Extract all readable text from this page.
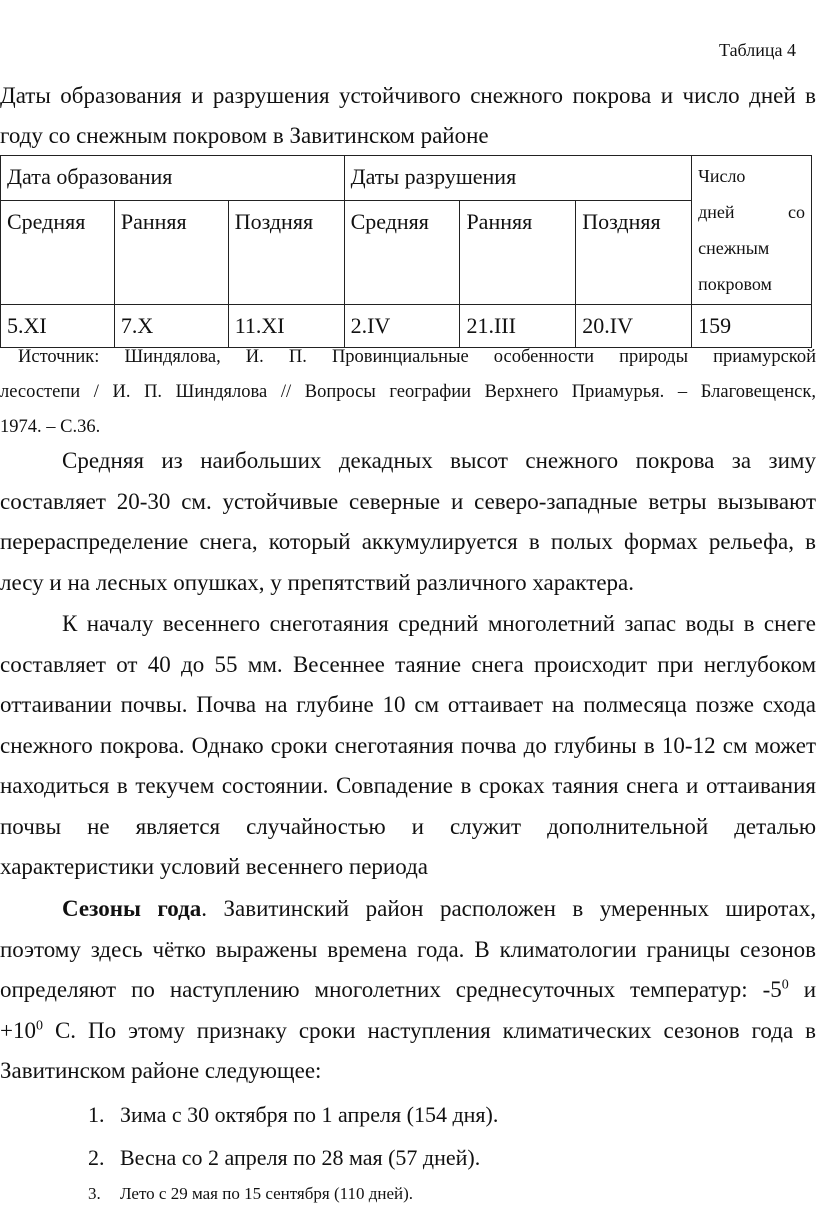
Таблица 4
Даты образования и разрушения устойчивого снежного покрова и число дней в
году со снежным покровом в Завитинском районе
Дата образования			Даты разрушения			Число
дней со
снежным
покровом

Средняя	Ранняя	Поздняя	Средняя	Ранняя	Поздняя	
5.XI	7.X	11.XI	2.IV	21.III	20.IV	159
Источник: Шиндялова, И. П. Провинциальные особенности природы приамурской
лесостепи / И. П. Шиндялова // Вопросы географии Верхнего Приамурья. – Благовещенск,
1974. – С.36.
Средняя из наибольших декадных высот снежного покрова за зиму
составляет 20-30 см. устойчивые северные и северо-западные ветры вызывают
перераспределение снега, который аккумулируется в полых формах рельефа, в
лесу и на лесных опушках, у препятствий различного характера.
К началу весеннего снеготаяния средний многолетний запас воды в снеге
составляет от 40 до 55 мм. Весеннее таяние снега происходит при неглубоком
оттаивании почвы. Почва на глубине 10 см оттаивает на полмесяца позже схода
снежного покрова. Однако сроки снеготаяния почва до глубины в 10-12 см может
находиться в текучем состоянии. Совпадение в сроках таяния снега и оттаивания
почвы не является случайностью и служит дополнительной деталью
характеристики условий весеннего периода
Сезоны года. Завитинский район расположен в умеренных широтах,
поэтому здесь чётко выражены времена года. В климатологии границы сезонов
определяют по наступлению многолетних среднесуточных температур: $-5^0$ и
$+10^0$ С. По этому признаку сроки наступления климатических сезонов года в
Завитинском районе следующее:
1. Зима с 30 октября по 1 апреля (154 дня).
2. Весна со 2 апреля по 28 мая (57 дней).
3. Лето с 29 мая по 15 сентября (110 дней).
